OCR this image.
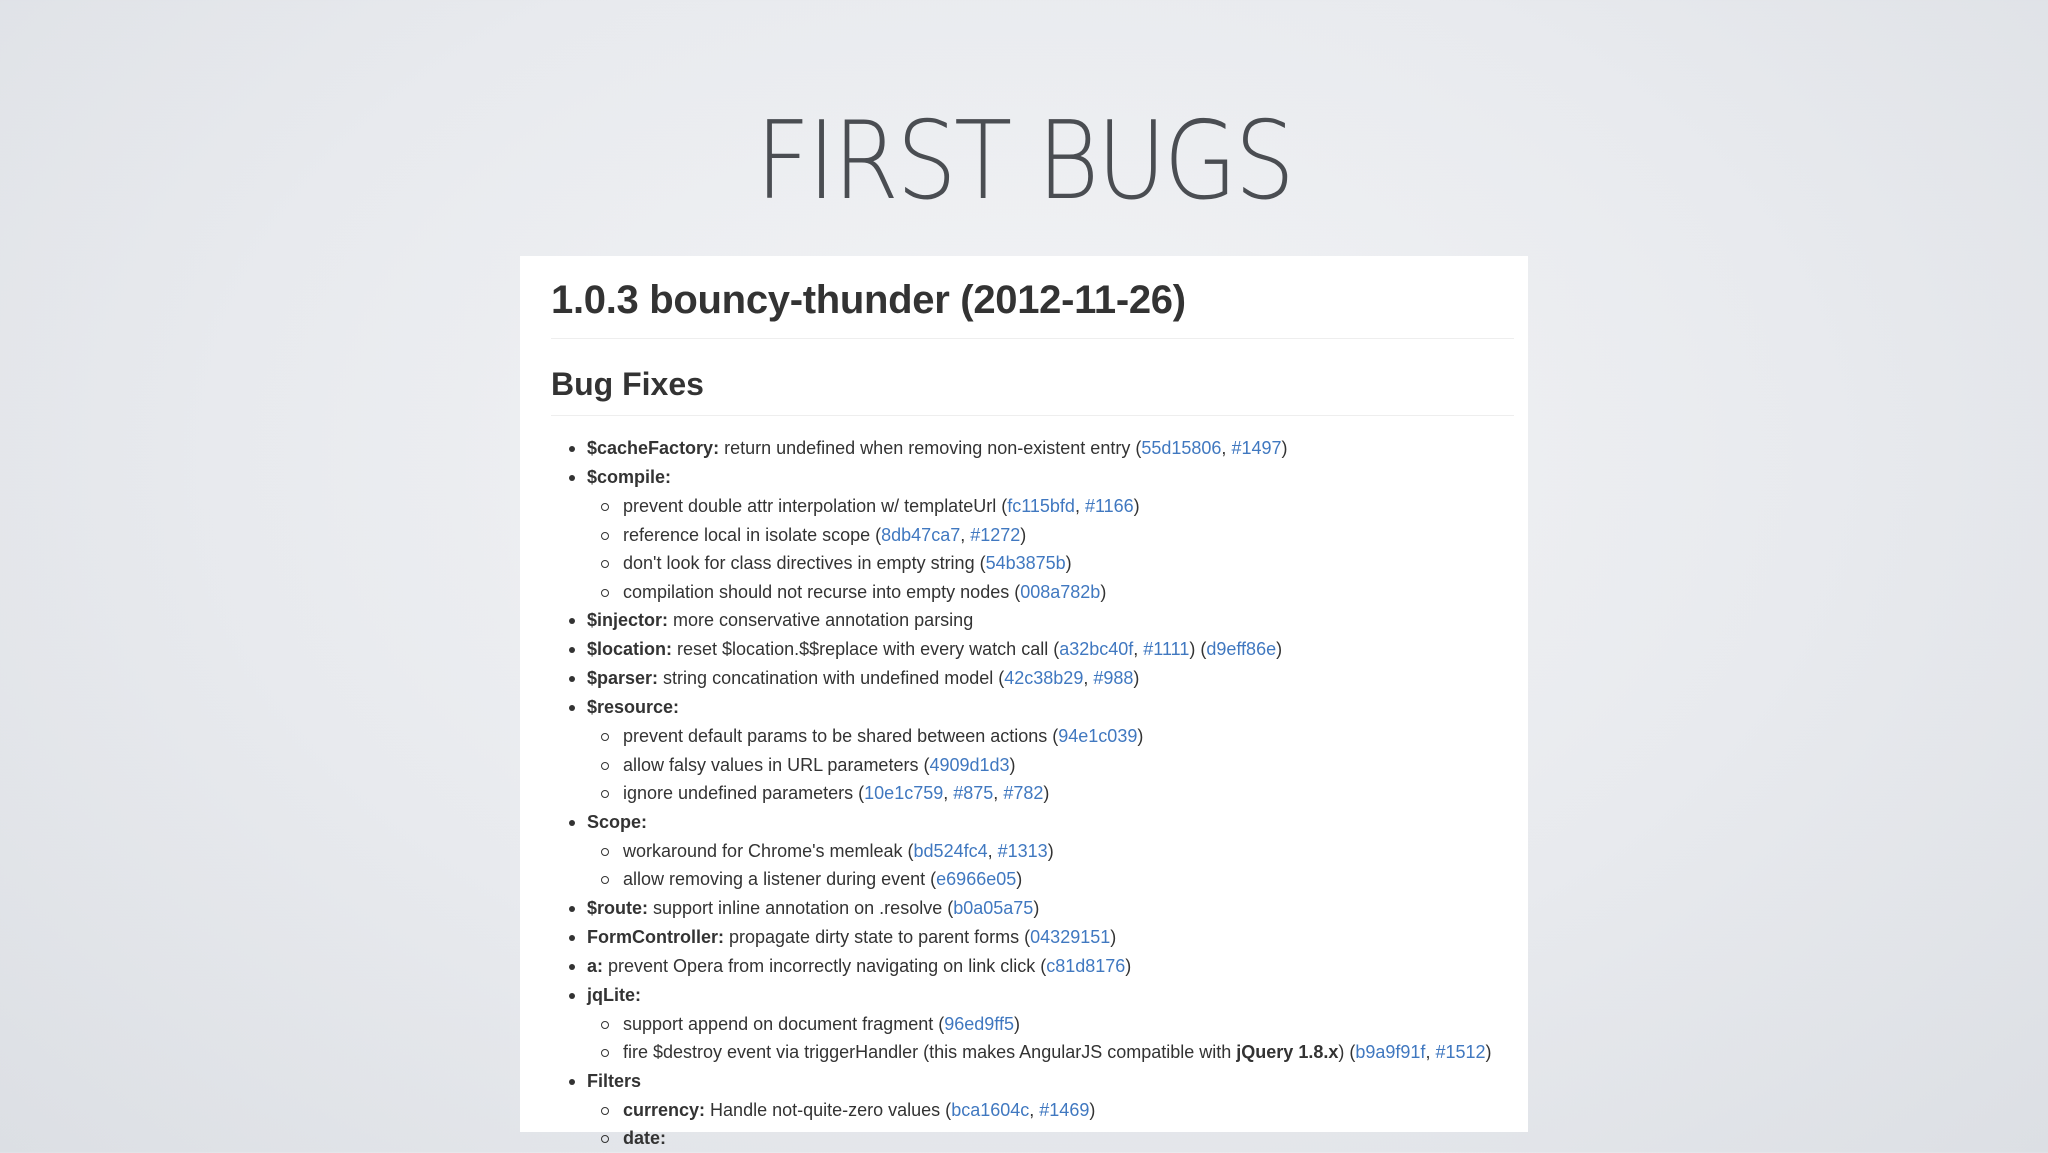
FIRST BUGS
1.0.3 bouncy-thunder (2012-11-26)
Bug Fixes
$cacheFactory: return undefined when removing non-existent entry (55d15806, #1497)
$compile:
prevent double attr interpolation w/ templateUrl (fc115bfd, #1166)
reference local in isolate scope (8db47ca7, #1272)
don't look for class directives in empty string (54b3875b)
compilation should not recurse into empty nodes (008a782b)
$injector: more conservative annotation parsing
$location: reset $location.$$replace with every watch call (a32bc40f, #1111) (d9eff86e)
$parser: string concatination with undefined model (42c38b29, #988)
$resource:
prevent default params to be shared between actions (94e1c039)
allow falsy values in URL parameters (4909d1d3)
ignore undefined parameters (10e1c759, #875, #782)
Scope:
workaround for Chrome's memleak (bd524fc4, #1313)
allow removing a listener during event (e6966e05)
$route: support inline annotation on .resolve (b0a05a75)
FormController: propagate dirty state to parent forms (04329151)
a: prevent Opera from incorrectly navigating on link click (c81d8176)
jqLite:
support append on document fragment (96ed9ff5)
fire $destroy event via triggerHandler (this makes AngularJS compatible with jQuery 1.8.x) (b9a9f91f, #1512)
Filters
currency: Handle not-quite-zero values (bca1604c, #1469)
date:
